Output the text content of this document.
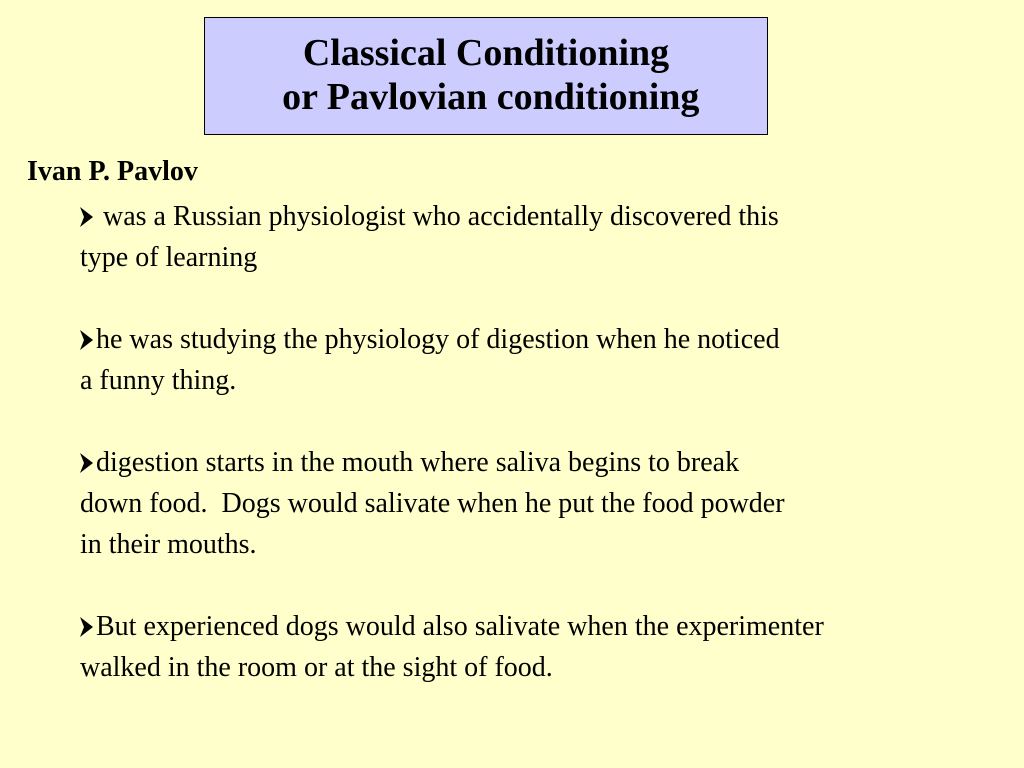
Classical Conditioning
or Pavlovian conditioning

Ivan P. Pavlov

was a Russian physiologist who accidentally discovered this
type of learning
he was studying the physiology of digestion when he noticed
a funny thing.
digestion starts in the mouth where saliva begins to break
down food.  Dogs would salivate when he put the food powder
in their mouths.
But experienced dogs would also salivate when the experimenter
walked in the room or at the sight of food.
